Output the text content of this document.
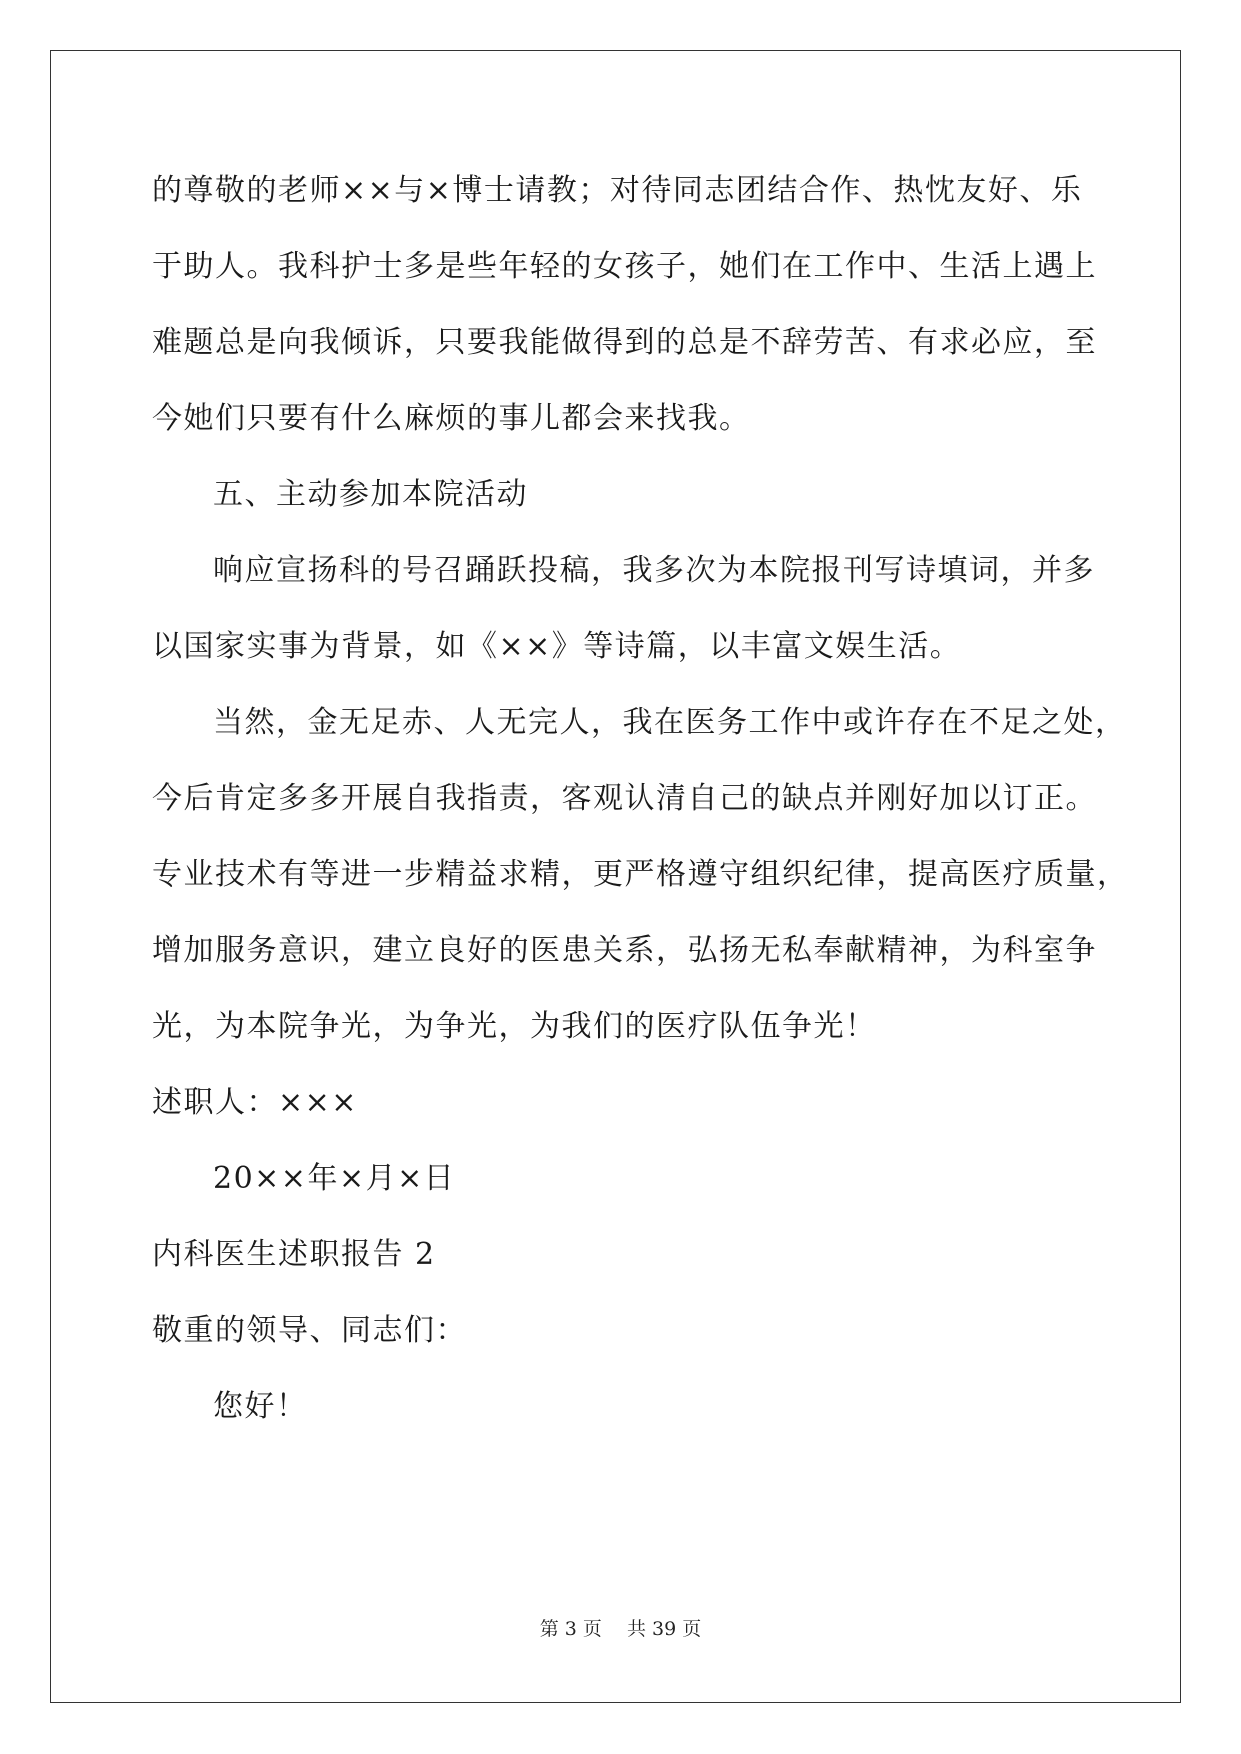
的尊敬的老师××与×博士请教；对待同志团结合作、热忱友好、乐
于助人。我科护士多是些年轻的女孩子，她们在工作中、生活上遇上
难题总是向我倾诉，只要我能做得到的总是不辞劳苦、有求必应，至
今她们只要有什么麻烦的事儿都会来找我。
五、主动参加本院活动
响应宣扬科的号召踊跃投稿，我多次为本院报刊写诗填词，并多
以国家实事为背景，如《××》等诗篇，以丰富文娱生活。
当然，金无足赤、人无完人，我在医务工作中或许存在不足之处，
今后肯定多多开展自我指责，客观认清自己的缺点并刚好加以订正。
专业技术有等进一步精益求精，更严格遵守组织纪律，提高医疗质量，
增加服务意识，建立良好的医患关系，弘扬无私奉献精神，为科室争
光，为本院争光，为争光，为我们的医疗队伍争光！
述职人：×××
20××年×月×日
内科医生述职报告 2
敬重的领导、同志们：
您好！
第 3 页　 共 39 页
